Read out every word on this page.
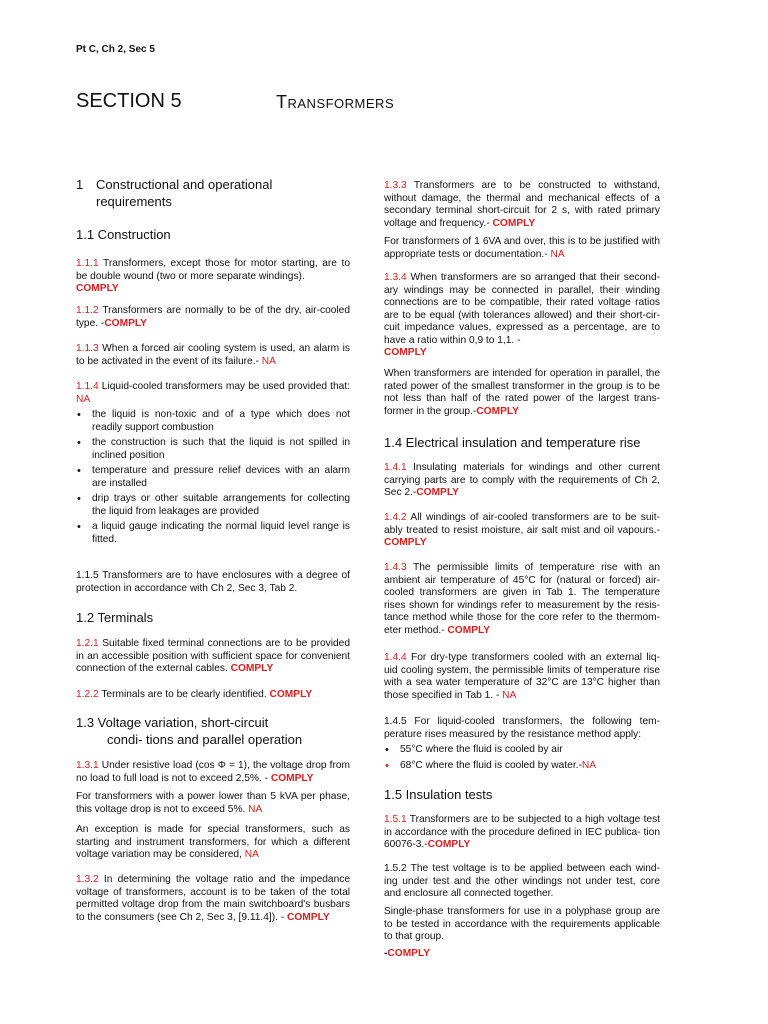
Pt C, Ch 2, Sec 5
SECTION 5	Transformers
1 Constructional and operational
requirements
1.1 Construction
1.1.1 Transformers, except those for motor starting, are to be double wound (two or more separate windings).
COMPLY
1.1.2 Transformers are normally to be of the dry, air-cooled type. -COMPLY
1.1.3 When a forced air cooling system is used, an alarm is to be activated in the event of its failure.- NA
1.1.4 Liquid-cooled transformers may be used provided that: NA
• the liquid is non-toxic and of a type which does not readily support combustion
• the construction is such that the liquid is not spilled in inclined position
• temperature and pressure relief devices with an alarm are installed
• drip trays or other suitable arrangements for collecting the liquid from leakages are provided
• a liquid gauge indicating the normal liquid level range is fitted.
1.1.5 Transformers are to have enclosures with a degree of protection in accordance with Ch 2, Sec 3, Tab 2.
1.2 Terminals
1.2.1 Suitable fixed terminal connections are to be provided in an accessible position with sufficient space for convenient connection of the external cables. COMPLY
1.2.2 Terminals are to be clearly identified. COMPLY
1.3 Voltage variation, short-circuit
condi- tions and parallel operation
1.3.1 Under resistive load (cos Φ = 1), the voltage drop from no load to full load is not to exceed 2,5%. - COMPLY
For transformers with a power lower than 5 kVA per phase, this voltage drop is not to exceed 5%. NA
An exception is made for special transformers, such as starting and instrument transformers, for which a different voltage variation may be considered, NA
1.3.2 In determining the voltage ratio and the impedance voltage of transformers, account is to be taken of the total permitted voltage drop from the main switchboard's busbars to the consumers (see Ch 2, Sec 3, [9.11.4]). - COMPLY
1.3.3 Transformers are to be constructed to withstand, without damage, the thermal and mechanical effects of a secondary terminal short-circuit for 2 s, with rated primary voltage and frequency.- COMPLY
For transformers of 1 6VA and over, this is to be justified with appropriate tests or documentation.- NA
1.3.4 When transformers are so arranged that their second- ary windings may be connected in parallel, their winding connections are to be compatible, their rated voltage ratios are to be equal (with tolerances allowed) and their short-cir- cuit impedance values, expressed as a percentage, are to have a ratio within 0,9 to 1,1. -
COMPLY
When transformers are intended for operation in parallel, the rated power of the smallest transformer in the group is to be not less than half of the rated power of the largest trans- former in the group.-COMPLY
1.4 Electrical insulation and temperature rise
1.4.1 Insulating materials for windings and other current carrying parts are to comply with the requirements of Ch 2, Sec 2.-COMPLY
1.4.2 All windings of air-cooled transformers are to be suit- ably treated to resist moisture, air salt mist and oil vapours.- COMPLY
1.4.3 The permissible limits of temperature rise with an ambient air temperature of 45°C for (natural or forced) air-cooled transformers are given in Tab 1. The temperature rises shown for windings refer to measurement by the resis- tance method while those for the core refer to the thermom- eter method.- COMPLY
1.4.4 For dry-type transformers cooled with an external liq- uid cooling system, the permissible limits of temperature rise with a sea water temperature of 32°C are 13°C higher than those specified in Tab 1. - NA
1.4.5 For liquid-cooled transformers, the following tem- perature rises measured by the resistance method apply:
• 55°C where the fluid is cooled by air
• 68°C where the fluid is cooled by water.-NA
1.5 Insulation tests
1.5.1 Transformers are to be subjected to a high voltage test in accordance with the procedure defined in IEC publica- tion 60076-3.-COMPLY
1.5.2 The test voltage is to be applied between each wind- ing under test and the other windings not under test, core and enclosure all connected together.
Single-phase transformers for use in a polyphase group are to be tested in accordance with the requirements applicable to that group.
-COMPLY
